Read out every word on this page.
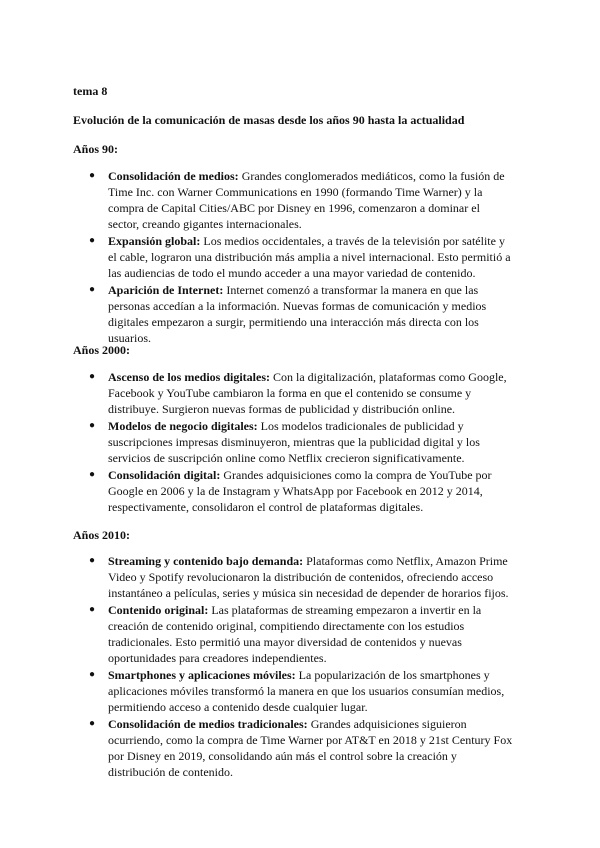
tema 8

Evolución de la comunicación de masas desde los años 90 hasta la actualidad

Años 90:

● Consolidación de medios: Grandes conglomerados mediáticos, como la fusión de Time Inc. con Warner Communications en 1990 (formando Time Warner) y la compra de Capital Cities/ABC por Disney en 1996, comenzaron a dominar el sector, creando gigantes internacionales.
● Expansión global: Los medios occidentales, a través de la televisión por satélite y el cable, lograron una distribución más amplia a nivel internacional. Esto permitió a las audiencias de todo el mundo acceder a una mayor variedad de contenido.
● Aparición de Internet: Internet comenzó a transformar la manera en que las personas accedían a la información. Nuevas formas de comunicación y medios digitales empezaron a surgir, permitiendo una interacción más directa con los usuarios.

Años 2000:

● Ascenso de los medios digitales: Con la digitalización, plataformas como Google, Facebook y YouTube cambiaron la forma en que el contenido se consume y distribuye. Surgieron nuevas formas de publicidad y distribución online.
● Modelos de negocio digitales: Los modelos tradicionales de publicidad y suscripciones impresas disminuyeron, mientras que la publicidad digital y los servicios de suscripción online como Netflix crecieron significativamente.
● Consolidación digital: Grandes adquisiciones como la compra de YouTube por Google en 2006 y la de Instagram y WhatsApp por Facebook en 2012 y 2014, respectivamente, consolidaron el control de plataformas digitales.

Años 2010:

● Streaming y contenido bajo demanda: Plataformas como Netflix, Amazon Prime Video y Spotify revolucionaron la distribución de contenidos, ofreciendo acceso instantáneo a películas, series y música sin necesidad de depender de horarios fijos.
● Contenido original: Las plataformas de streaming empezaron a invertir en la creación de contenido original, compitiendo directamente con los estudios tradicionales. Esto permitió una mayor diversidad de contenidos y nuevas oportunidades para creadores independientes.
● Smartphones y aplicaciones móviles: La popularización de los smartphones y aplicaciones móviles transformó la manera en que los usuarios consumían medios, permitiendo acceso a contenido desde cualquier lugar.
● Consolidación de medios tradicionales: Grandes adquisiciones siguieron ocurriendo, como la compra de Time Warner por AT&T en 2018 y 21st Century Fox por Disney en 2019, consolidando aún más el control sobre la creación y distribución de contenido.
